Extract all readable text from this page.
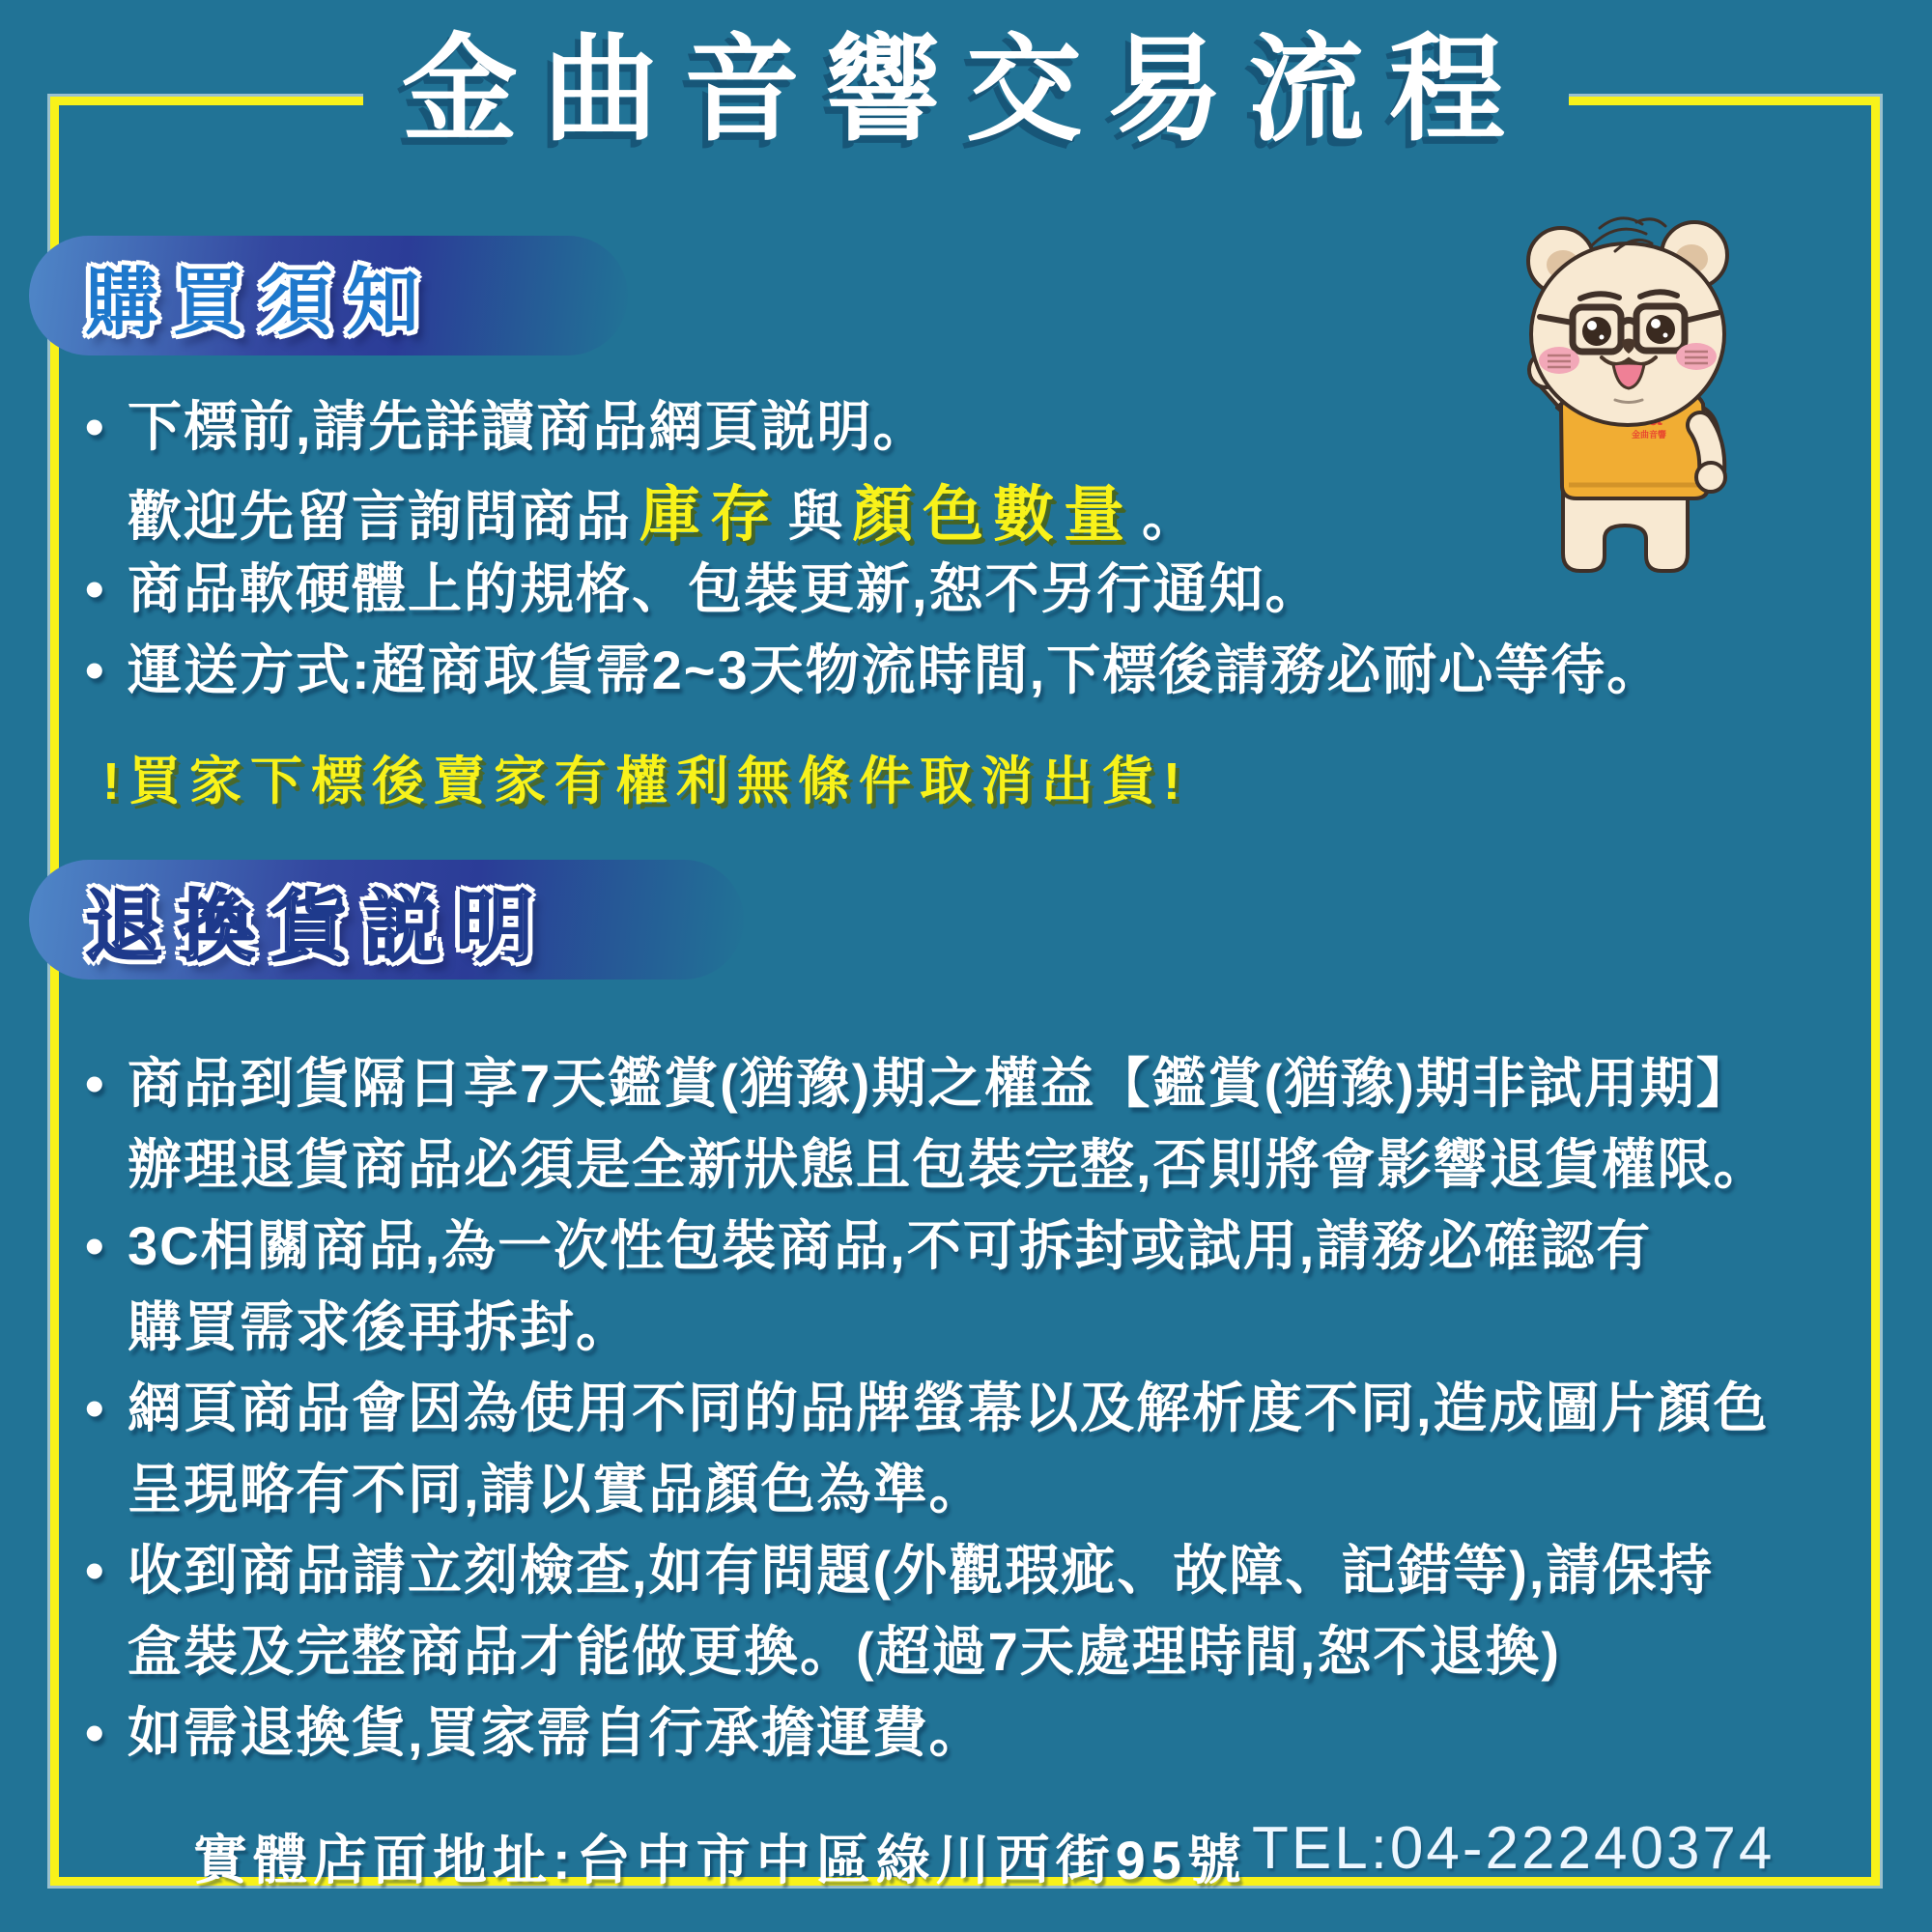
金曲音響交易流程
購買須知
• 下標前,請先詳讀商品網頁説明。
歡迎先留言詢問商品 庫存 與 顏色數量 。
• 商品軟硬體上的規格、包裝更新,恕不另行通知。
• 運送方式:超商取貨需2~3天物流時間,下標後請務必耐心等待。
!買家下標後賣家有權利無條件取消出貨!
退換貨説明
• 商品到貨隔日享7天鑑賞(猶豫)期之權益【鑑賞(猶豫)期非試用期】
辦理退貨商品必須是全新狀態且包裝完整,否則將會影響退貨權限。
• 3C相關商品,為一次性包裝商品,不可拆封或試用,請務必確認有
購買需求後再拆封。
• 網頁商品會因為使用不同的品牌螢幕以及解析度不同,造成圖片顏色
呈現略有不同,請以實品顏色為準。
• 收到商品請立刻檢查,如有問題(外觀瑕疵、故障、記錯等),請保持
盒裝及完整商品才能做更換。(超過7天處理時間,恕不退換)
• 如需退換貨,買家需自行承擔運費。
實體店面地址:台中市中區綠川西街95號 TEL:04-22240374
金曲音響
